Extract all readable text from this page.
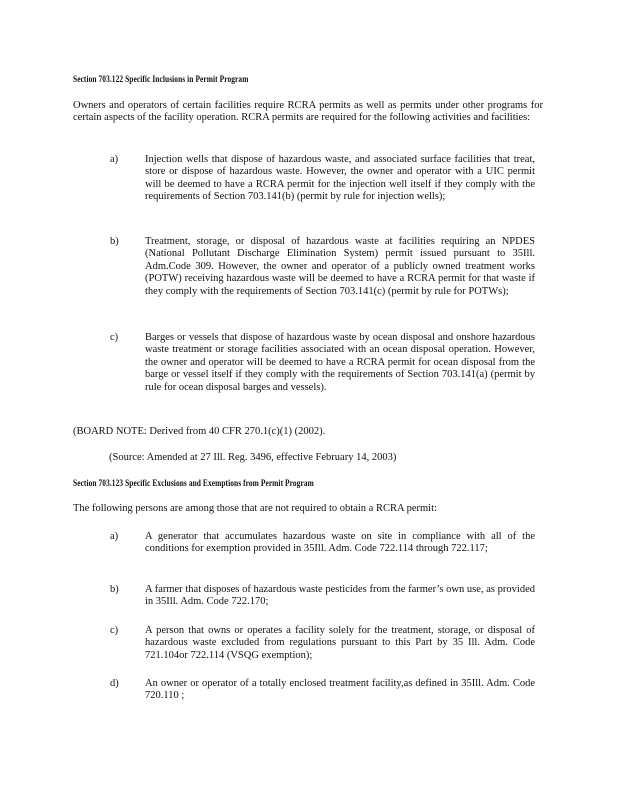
Section 703.122 Specific Inclusions in Permit Program
Owners and operators of certain facilities require RCRA permits as well as permits under other programs for certain aspects of the facility operation. RCRA permits are required for the following activities and facilities:
a)	Injection wells that dispose of hazardous waste, and associated surface facilities that treat, store or dispose of hazardous waste. However, the owner and operator with a UIC permit will be deemed to have a RCRA permit for the injection well itself if they comply with the requirements of Section 703.141(b) (permit by rule for injection wells);
b)	Treatment, storage, or disposal of hazardous waste at facilities requiring an NPDES (National Pollutant Discharge Elimination System) permit issued pursuant to 35Ill. Adm.Code 309. However, the owner and operator of a publicly owned treatment works (POTW) receiving hazardous waste will be deemed to have a RCRA permit for that waste if they comply with the requirements of Section 703.141(c) (permit by rule for POTWs);
c)	Barges or vessels that dispose of hazardous waste by ocean disposal and onshore hazardous waste treatment or storage facilities associated with an ocean disposal operation. However, the owner and operator will be deemed to have a RCRA permit for ocean disposal from the barge or vessel itself if they comply with the requirements of Section 703.141(a) (permit by rule for ocean disposal barges and vessels).
(BOARD NOTE: Derived from 40 CFR 270.1(c)(1) (2002).
(Source: Amended at 27 Ill. Reg. 3496, effective February 14, 2003)
Section 703.123 Specific Exclusions and Exemptions from Permit Program
The following persons are among those that are not required to obtain a RCRA permit:
a)	A generator that accumulates hazardous waste on site in compliance with all of the conditions for exemption provided in 35Ill. Adm. Code 722.114 through 722.117;
b)	A farmer that disposes of hazardous waste pesticides from the farmer’s own use, as provided in 35Ill. Adm. Code 722.170;
c)	A person that owns or operates a facility solely for the treatment, storage, or disposal of hazardous waste excluded from regulations pursuant to this Part by 35 Ill. Adm. Code 721.104or 722.114 (VSQG exemption);
d)	An owner or operator of a totally enclosed treatment facility,as defined in 35Ill. Adm. Code 720.110 ;
